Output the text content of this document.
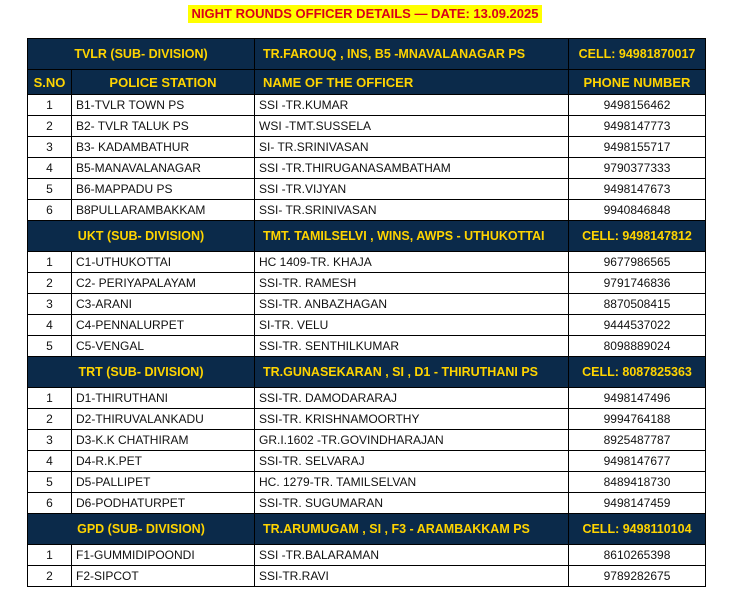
NIGHT ROUNDS OFFICER DETAILS — DATE: 13.09.2025
TVLR (SUB- DIVISION)		TR.FAROUQ , INS, B5 -MNAVALANAGAR PS	CELL: 94981870017
S.NO	POLICE STATION	NAME OF THE OFFICER	PHONE NUMBER
1	B1-TVLR TOWN PS	SSI -TR.KUMAR	9498156462
2	B2- TVLR TALUK PS	WSI -TMT.SUSSELA	9498147773
3	B3- KADAMBATHUR	SI- TR.SRINIVASAN	9498155717
4	B5-MANAVALANAGAR	SSI -TR.THIRUGANASAMBATHAM	9790377333
5	B6-MAPPADU PS	SSI -TR.VIJYAN	9498147673
6	B8PULLARAMBAKKAM	SSI- TR.SRINIVASAN	9940846848
UKT (SUB- DIVISION)		TMT. TAMILSELVI , WINS, AWPS - UTHUKOTTAI	CELL: 9498147812
1	C1-UTHUKOTTAI	HC 1409-TR. KHAJA	9677986565
2	C2- PERIYAPALAYAM	SSI-TR. RAMESH	9791746836
3	C3-ARANI	SSI-TR. ANBAZHAGAN	8870508415
4	C4-PENNALURPET	SI-TR. VELU	9444537022
5	C5-VENGAL	SSI-TR. SENTHILKUMAR	8098889024
TRT (SUB- DIVISION)		TR.GUNASEKARAN , SI , D1 - THIRUTHANI PS	CELL: 8087825363
1	D1-THIRUTHANI	SSI-TR. DAMODARARAJ	9498147496
2	D2-THIRUVALANKADU	SSI-TR. KRISHNAMOORTHY	9994764188
3	D3-K.K CHATHIRAM	GR.I.1602 -TR.GOVINDHARAJAN	8925487787
4	D4-R.K.PET	SSI-TR. SELVARAJ	9498147677
5	D5-PALLIPET	HC. 1279-TR. TAMILSELVAN	8489418730
6	D6-PODHATURPET	SSI-TR. SUGUMARAN	9498147459
GPD (SUB- DIVISION)		TR.ARUMUGAM , SI , F3 - ARAMBAKKAM PS	CELL: 9498110104
1	F1-GUMMIDIPOONDI	SSI -TR.BALARAMAN	8610265398
2	F2-SIPCOT	SSI-TR.RAVI	9789282675
